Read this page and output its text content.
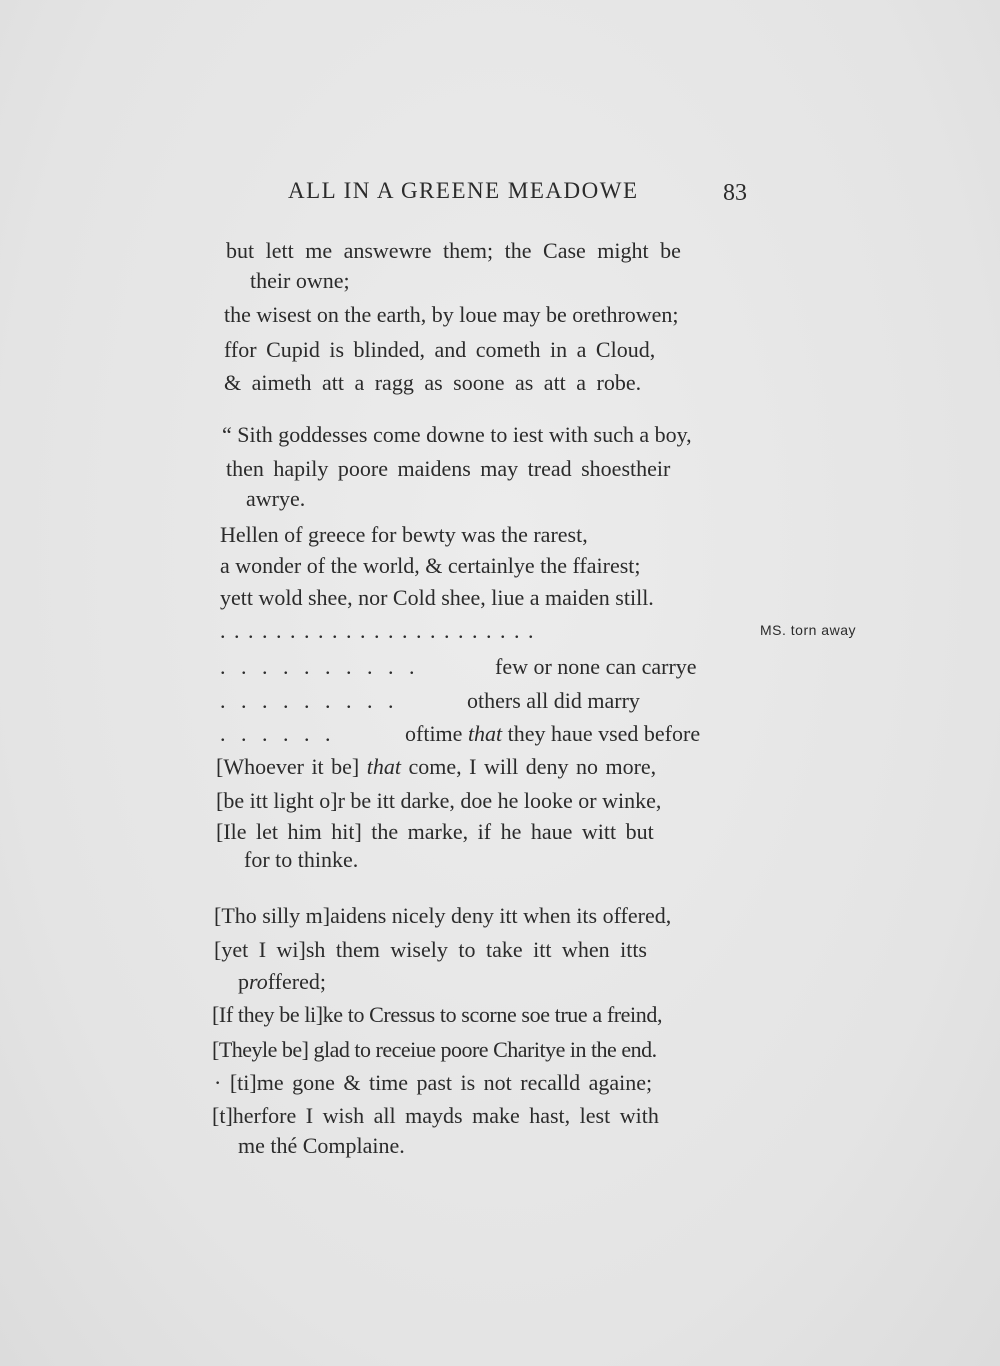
ALL IN A GREENE MEADOWE	83
but lett me answewre them; the Case might be
their owne;
the wisest on the earth, by loue may be orethrowen;
ffor Cupid is blinded, and cometh in a Cloud,
& aimeth att a ragg as soone as att a robe.
“ Sith goddesses come downe to iest with such a boy,
then hapily poore maidens may tread shoestheir
awrye.
Hellen of greece for bewty was the rarest,
a wonder of the world, & certainlye the ffairest;
yett wold shee, nor Cold shee, liue a maiden still.
. . . . . . . . . . . . . . . . . . . . . . .
. . . . . . . . . .	few or none can carrye
. . . . . . . . .	others all did marry
. . . . . .	oftime that they haue vsed before
[Whoever it be] that come, I will deny no more,
[be itt light o]r be itt darke, doe he looke or winke,
[Ile let him hit] the marke, if he haue witt but
for to thinke.
MS. torn away
[Tho silly m]aidens nicely deny itt when its offered,
[yet I wi]sh them wisely to take itt when itts
proffered;
[If they be li]ke to Cressus to scorne soe true a freind,
[Theyle be] glad to receiue poore Charitye in the end.
· [ti]me gone & time past is not recalld againe;
[t]herfore I wish all mayds make hast, lest with
me thé Complaine.
